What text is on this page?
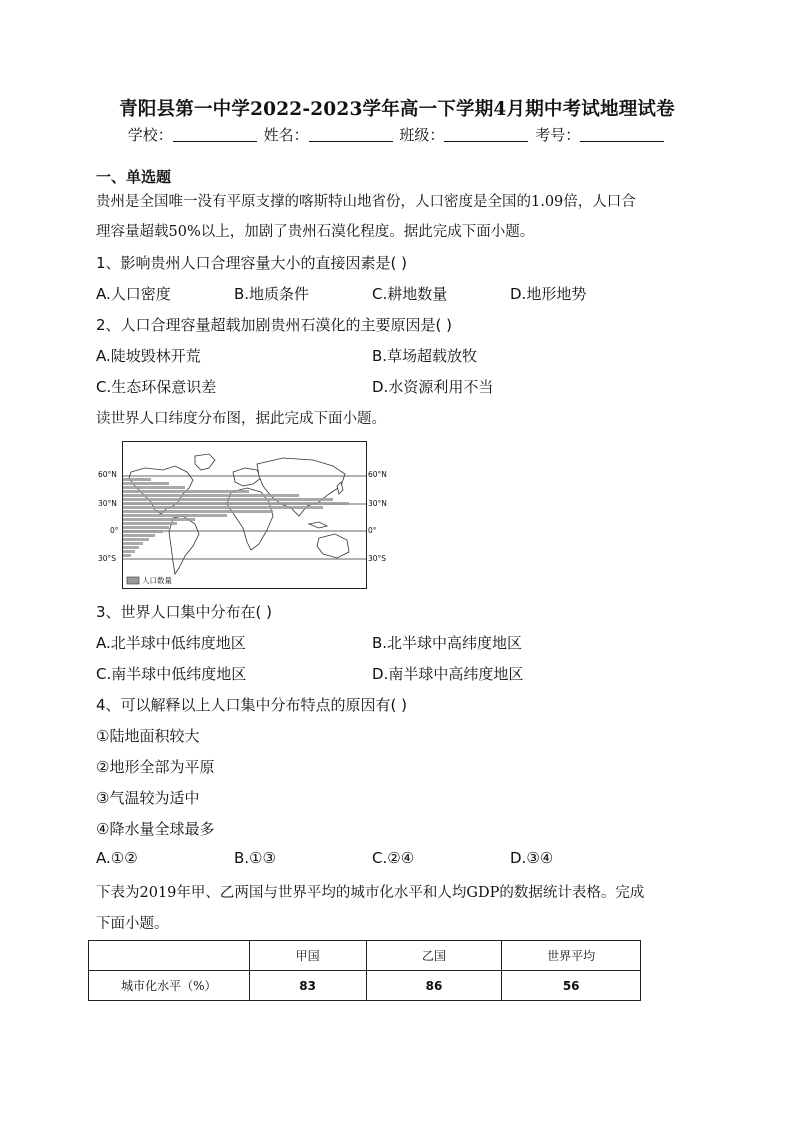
青阳县第一中学2022-2023学年高一下学期4月期中考试地理试卷
学校：	姓名：	班级：	考号：
一、单选题
贵州是全国唯一没有平原支撑的喀斯特山地省份，人口密度是全国的1.09倍，人口合
理容量超载50%以上，加剧了贵州石漠化程度。据此完成下面小题。
1、影响贵州人口合理容量大小的直接因素是( )
A.人口密度	B.地质条件	C.耕地数量	D.地形地势
2、人口合理容量超载加剧贵州石漠化的主要原因是( )
A.陡坡毁林开荒	B.草场超载放牧
C.生态环保意识差	D.水资源利用不当
读世界人口纬度分布图，据此完成下面小题。
60°N
30°N
0°
30°S
60°N
30°N
0°
30°S
人口数量
3、世界人口集中分布在( )
A.北半球中低纬度地区	B.北半球中高纬度地区
C.南半球中低纬度地区	D.南半球中高纬度地区
4、可以解释以上人口集中分布特点的原因有( )
①陆地面积较大
②地形全部为平原
③气温较为适中
④降水量全球最多
A.①②	B.①③	C.②④	D.③④
下表为2019年甲、乙两国与世界平均的城市化水平和人均GDP的数据统计表格。完成
下面小题。
	甲国	乙国	世界平均
城市化水平（%）	83	86	56
